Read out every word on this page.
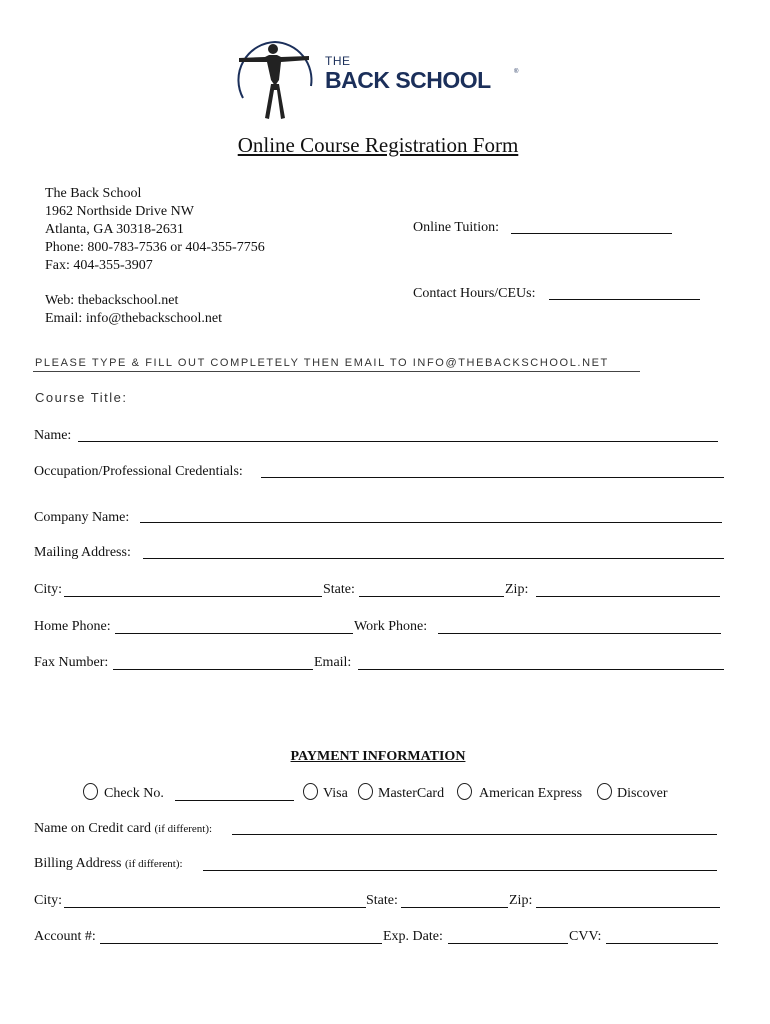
THE
BACK SCHOOL	®
Online Course Registration Form
The Back School
1962 Northside Drive NW
Atlanta, GA 30318-2631
Phone: 800-783-7536 or 404-355-7756
Fax: 404-355-3907
Web: thebackschool.net
Email: info@thebackschool.net
Online Tuition:
Contact Hours/CEUs:
PLEASE TYPE & FILL OUT COMPLETELY THEN EMAIL TO INFO@THEBACKSCHOOL.NET
Course Title:
Name:
Occupation/Professional Credentials:
Company Name:
Mailing Address:
City:	State:	Zip:
Home Phone:	Work Phone:
Fax Number:	Email:
PAYMENT INFORMATION
Check No.	Visa MasterCard American Express Discover
Name on Credit card (if different):
Billing Address (if different):
City:	State:	Zip:
Account #:	Exp. Date:	CVV:
